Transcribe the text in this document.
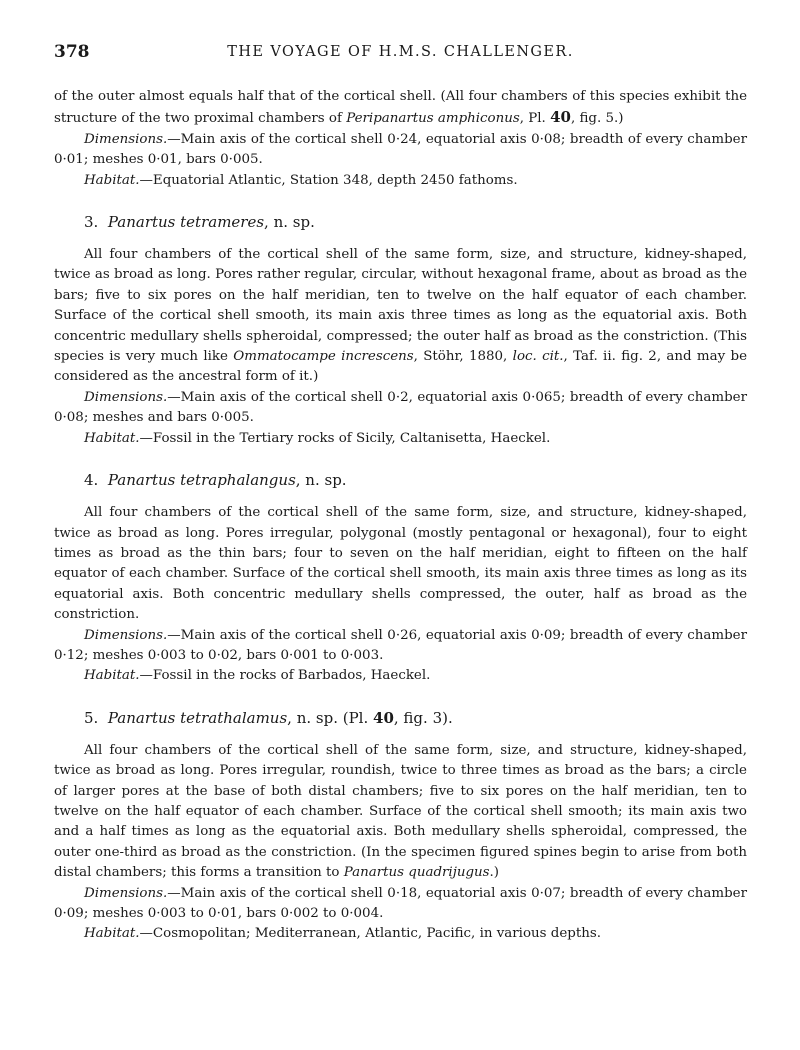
378	THE VOYAGE OF H.M.S. CHALLENGER.

of the outer almost equals half that of the cortical shell. (All four chambers of this species exhibit the structure of the two proximal chambers of Peripanartus amphiconus, Pl. 40, fig. 5.)

Dimensions.—Main axis of the cortical shell 0·24, equatorial axis 0·08; breadth of every chamber 0·01; meshes 0·01, bars 0·005.

Habitat.—Equatorial Atlantic, Station 348, depth 2450 fathoms.

3. Panartus tetrameres, n. sp.

All four chambers of the cortical shell of the same form, size, and structure, kidney-shaped, twice as broad as long. Pores rather regular, circular, without hexagonal frame, about as broad as the bars; five to six pores on the half meridian, ten to twelve on the half equator of each chamber. Surface of the cortical shell smooth, its main axis three times as long as the equatorial axis. Both concentric medullary shells spheroidal, compressed; the outer half as broad as the constriction. (This species is very much like Ommatocampe increscens, Stöhr, 1880, loc. cit., Taf. ii. fig. 2, and may be considered as the ancestral form of it.)

Dimensions.—Main axis of the cortical shell 0·2, equatorial axis 0·065; breadth of every chamber 0·08; meshes and bars 0·005.

Habitat.—Fossil in the Tertiary rocks of Sicily, Caltanisetta, Haeckel.

4. Panartus tetraphalangus, n. sp.

All four chambers of the cortical shell of the same form, size, and structure, kidney-shaped, twice as broad as long. Pores irregular, polygonal (mostly pentagonal or hexagonal), four to eight times as broad as the thin bars; four to seven on the half meridian, eight to fifteen on the half equator of each chamber. Surface of the cortical shell smooth, its main axis three times as long as its equatorial axis. Both concentric medullary shells compressed, the outer, half as broad as the constriction.

Dimensions.—Main axis of the cortical shell 0·26, equatorial axis 0·09; breadth of every chamber 0·12; meshes 0·003 to 0·02, bars 0·001 to 0·003.

Habitat.—Fossil in the rocks of Barbados, Haeckel.

5. Panartus tetrathalamus, n. sp. (Pl. 40, fig. 3).

All four chambers of the cortical shell of the same form, size, and structure, kidney-shaped, twice as broad as long. Pores irregular, roundish, twice to three times as broad as the bars; a circle of larger pores at the base of both distal chambers; five to six pores on the half meridian, ten to twelve on the half equator of each chamber. Surface of the cortical shell smooth; its main axis two and a half times as long as the equatorial axis. Both medullary shells spheroidal, compressed, the outer one-third as broad as the constriction. (In the specimen figured spines begin to arise from both distal chambers; this forms a transition to Panartus quadrijugus.)

Dimensions.—Main axis of the cortical shell 0·18, equatorial axis 0·07; breadth of every chamber 0·09; meshes 0·003 to 0·01, bars 0·002 to 0·004.

Habitat.—Cosmopolitan; Mediterranean, Atlantic, Pacific, in various depths.
